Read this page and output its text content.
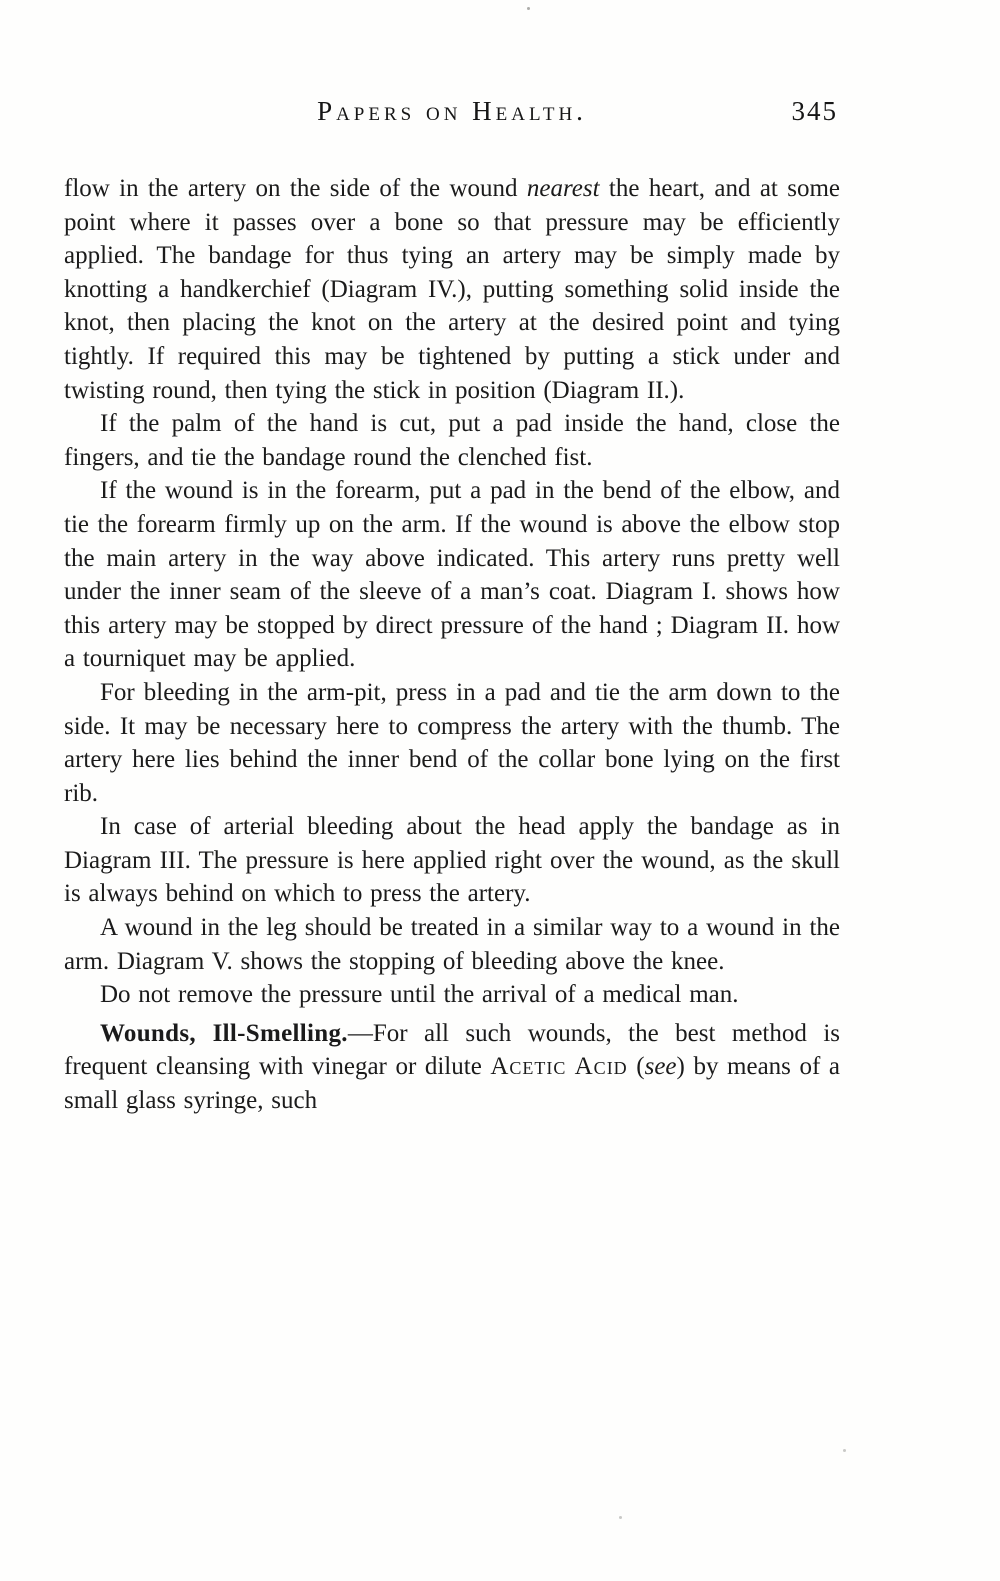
Papers on Health.	345

flow in the artery on the side of the wound nearest the heart, and at some point where it passes over a bone so that pressure may be efficiently applied. The bandage for thus tying an artery may be simply made by knotting a handkerchief (Diagram IV.), putting something solid inside the knot, then placing the knot on the artery at the desired point and tying tightly. If required this may be tightened by putting a stick under and twisting round, then tying the stick in position (Diagram II.).

If the palm of the hand is cut, put a pad inside the hand, close the fingers, and tie the bandage round the clenched fist.

If the wound is in the forearm, put a pad in the bend of the elbow, and tie the forearm firmly up on the arm. If the wound is above the elbow stop the main artery in the way above indicated. This artery runs pretty well under the inner seam of the sleeve of a man’s coat. Diagram I. shows how this artery may be stopped by direct pressure of the hand ; Diagram II. how a tourniquet may be applied.

For bleeding in the arm-pit, press in a pad and tie the arm down to the side. It may be necessary here to compress the artery with the thumb. The artery here lies behind the inner bend of the collar bone lying on the first rib.

In case of arterial bleeding about the head apply the bandage as in Diagram III. The pressure is here applied right over the wound, as the skull is always behind on which to press the artery.

A wound in the leg should be treated in a similar way to a wound in the arm. Diagram V. shows the stopping of bleeding above the knee.

Do not remove the pressure until the arrival of a medical man.

Wounds, Ill-Smelling.—For all such wounds, the best method is frequent cleansing with vinegar or dilute Acetic Acid (see) by means of a small glass syringe, such
